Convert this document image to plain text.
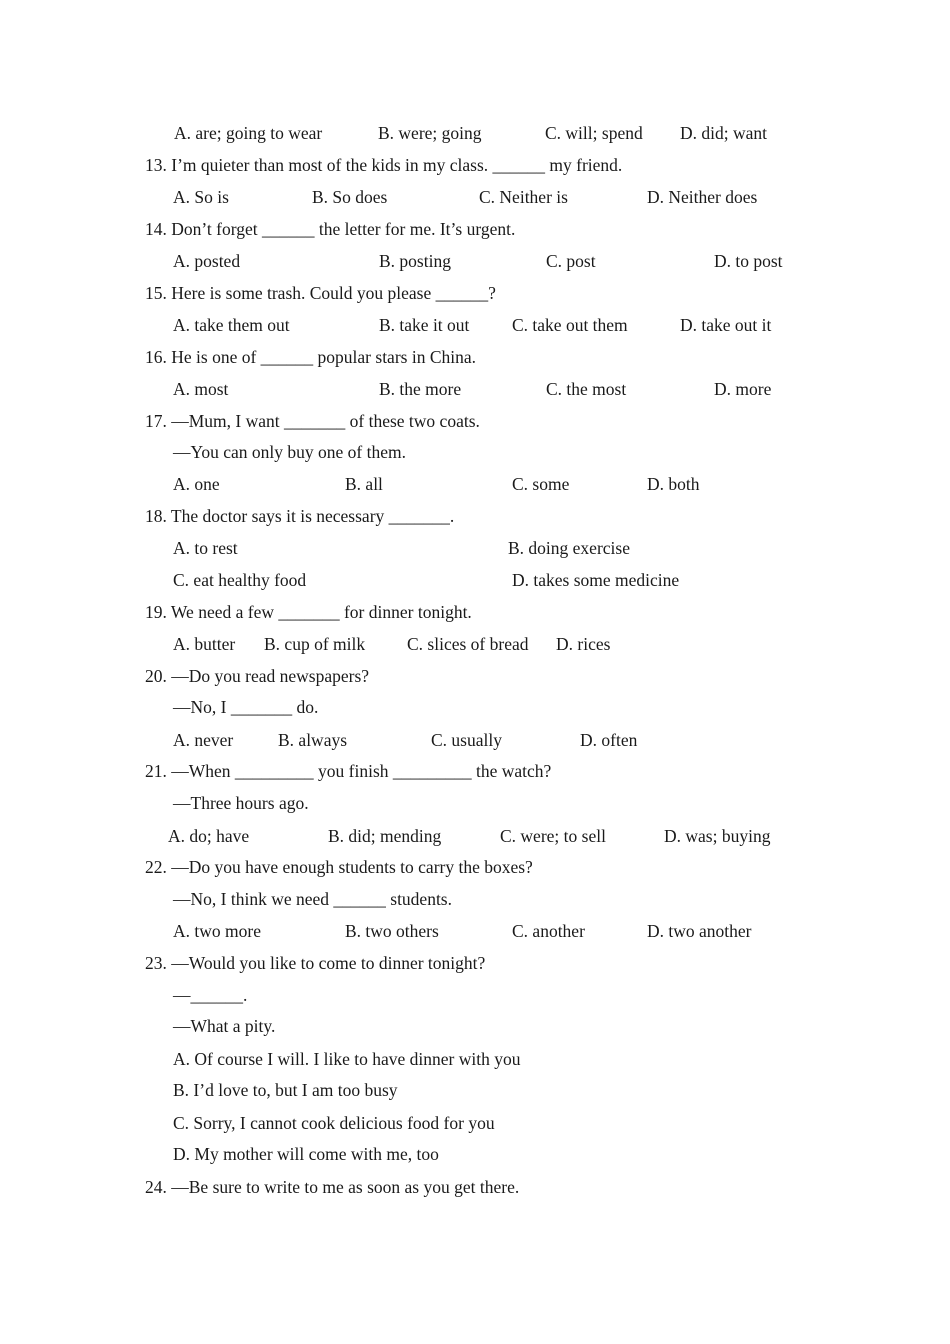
A. are; going to wear	B. were; going	C. will; spend D. did; want
13. I’m quieter than most of the kids in my class. ______ my friend.
A. So is	B. So does	C. Neither is	D. Neither does
14. Don’t forget ______ the letter for me. It’s urgent.
A. posted	B. posting	C. post	D. to post
15. Here is some trash. Could you please ______?
A. take them out	B. take it out C. take out them	D. take out it
16. He is one of ______ popular stars in China.
A. most	B. the more	C. the most	D. more
17. —Mum, I want _______ of these two coats.
—You can only buy one of them.
A. one	B. all	C. some	D. both
18. The doctor says it is necessary _______.
A. to rest	B. doing exercise
C. eat healthy food	D. takes some medicine
19. We need a few _______ for dinner tonight.
A. butter B. cup of milk C. slices of bread D. rices
20. —Do you read newspapers?
—No, I _______ do.
A. never	B. always	C. usually	D. often
21. —When _________ you finish _________ the watch?
—Three hours ago.
A. do; have	B. did; mending	C. were; to sell	D. was; buying
22. —Do you have enough students to carry the boxes?
—No, I think we need ______ students.
A. two more	B. two others	C. another	D. two another
23. —Would you like to come to dinner tonight?
—______.
—What a pity.
A. Of course I will. I like to have dinner with you
B. I’d love to, but I am too busy
C. Sorry, I cannot cook delicious food for you
D. My mother will come with me, too
24. —Be sure to write to me as soon as you get there.
